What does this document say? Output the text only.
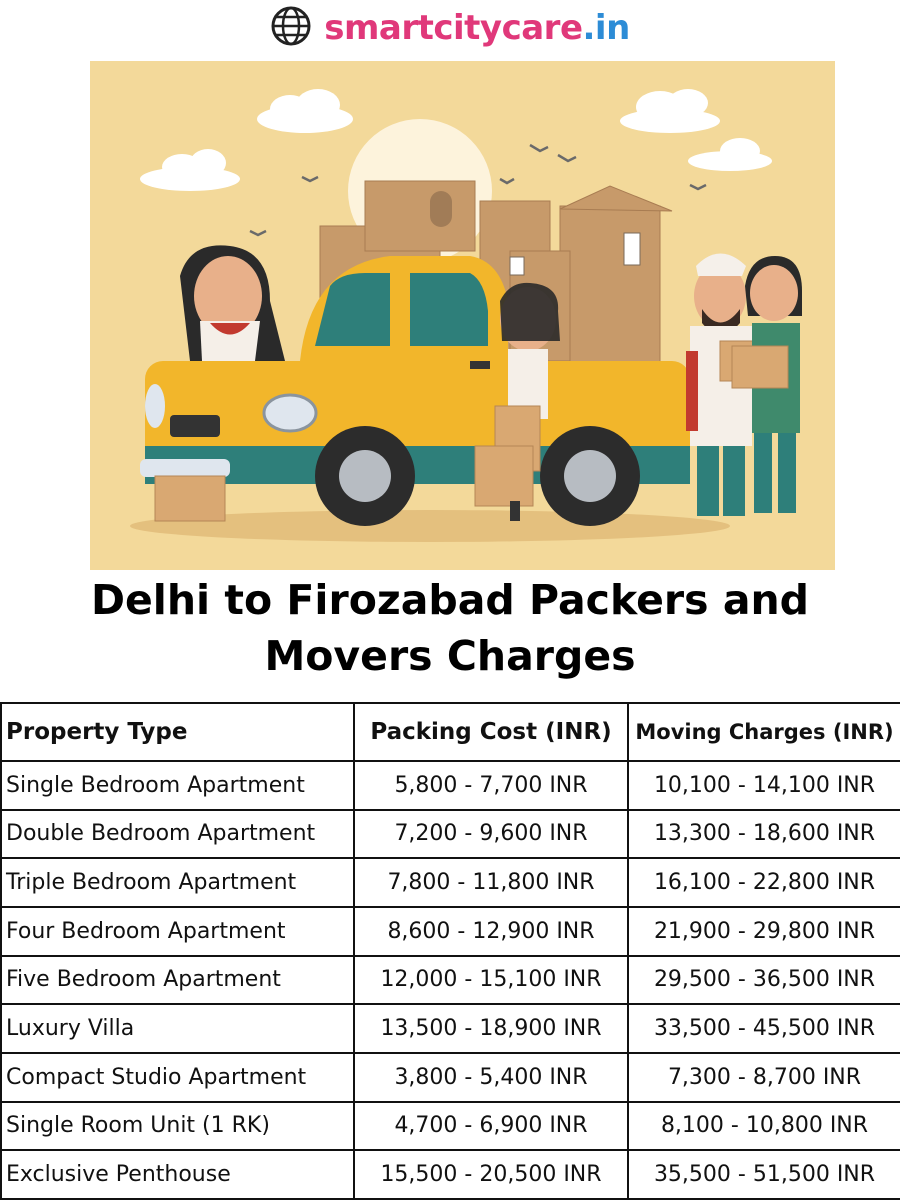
smartcitycare.in
Delhi to Firozabad Packers and
Movers Charges
Property Type	Packing Cost (INR)	Moving Charges (INR)
Single Bedroom Apartment	5,800 - 7,700 INR	10,100 - 14,100 INR
Double Bedroom Apartment	7,200 - 9,600 INR	13,300 - 18,600 INR
Triple Bedroom Apartment	7,800 - 11,800 INR	16,100 - 22,800 INR
Four Bedroom Apartment	8,600 - 12,900 INR	21,900 - 29,800 INR
Five Bedroom Apartment	12,000 - 15,100 INR	29,500 - 36,500 INR
Luxury Villa	13,500 - 18,900 INR	33,500 - 45,500 INR
Compact Studio Apartment	3,800 - 5,400 INR	7,300 - 8,700 INR
Single Room Unit (1 RK)	4,700 - 6,900 INR	8,100 - 10,800 INR
Exclusive Penthouse	15,500 - 20,500 INR	35,500 - 51,500 INR
